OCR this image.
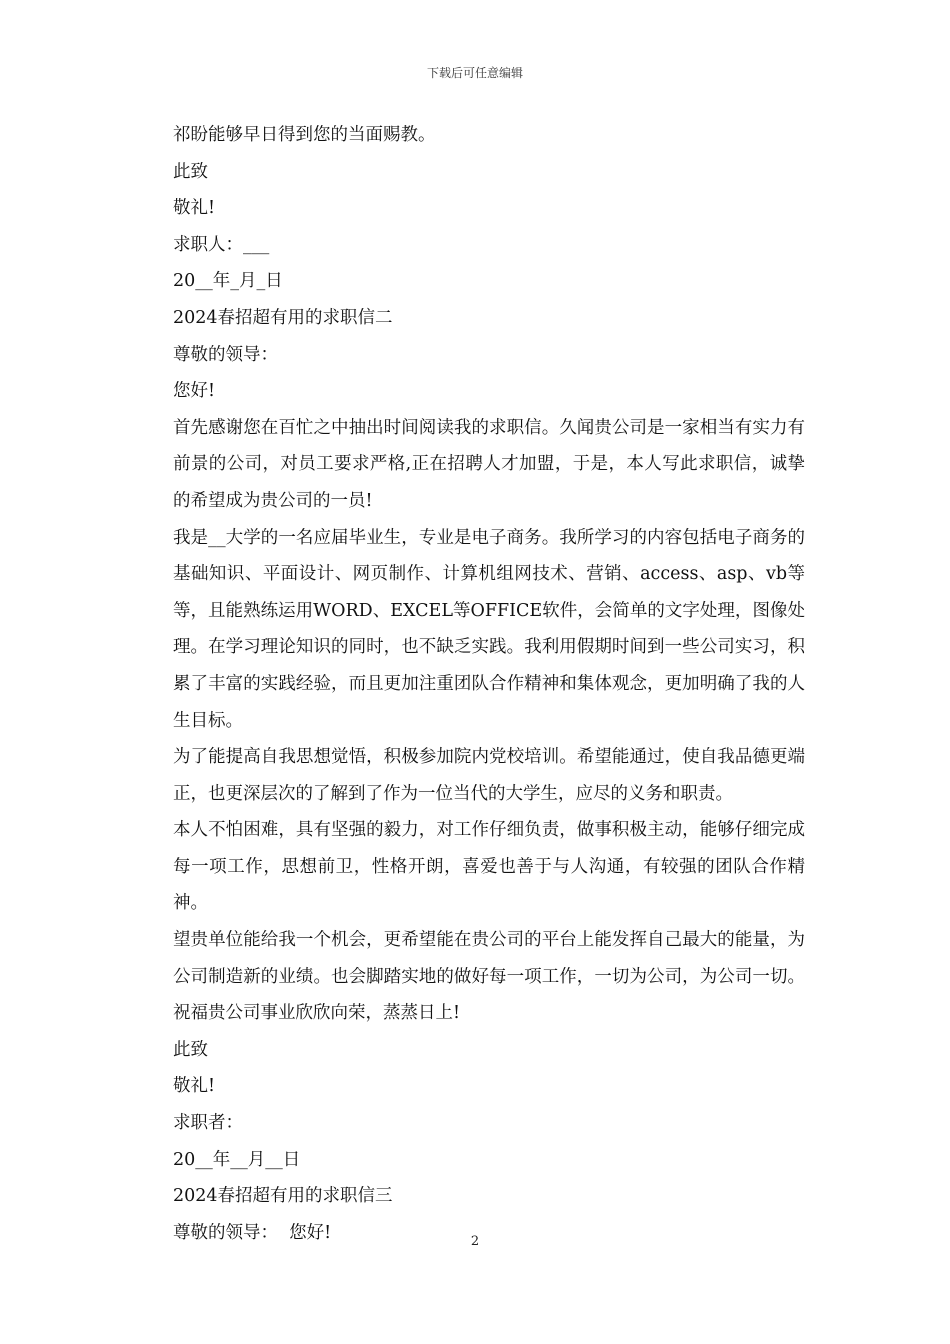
下载后可任意编辑

祁盼能够早日得到您的当面赐教。

此致

敬礼!

求职人：___

20__年_月_日

2024春招超有用的求职信二

尊敬的领导：

您好!

首先感谢您在百忙之中抽出时间阅读我的求职信。久闻贵公司是一家相当有实力有前景的公司，对员工要求严格,正在招聘人才加盟，于是，本人写此求职信，诚挚的希望成为贵公司的一员!

我是__大学的一名应届毕业生，专业是电子商务。我所学习的内容包括电子商务的基础知识、平面设计、网页制作、计算机组网技术、营销、access、asp、vb等等，且能熟练运用WORD、EXCEL等OFFICE软件，会简单的文字处理，图像处理。在学习理论知识的同时，也不缺乏实践。我利用假期时间到一些公司实习，积累了丰富的实践经验，而且更加注重团队合作精神和集体观念，更加明确了我的人生目标。

为了能提高自我思想觉悟，积极参加院内党校培训。希望能通过，使自我品德更端正，也更深层次的了解到了作为一位当代的大学生，应尽的义务和职责。

本人不怕困难，具有坚强的毅力，对工作仔细负责，做事积极主动，能够仔细完成每一项工作，思想前卫，性格开朗，喜爱也善于与人沟通，有较强的团队合作精神。

望贵单位能给我一个机会，更希望能在贵公司的平台上能发挥自己最大的能量，为公司制造新的业绩。也会脚踏实地的做好每一项工作，一切为公司，为公司一切。祝福贵公司事业欣欣向荣，蒸蒸日上!

此致

敬礼!

求职者：

20__年__月__日

2024春招超有用的求职信三

尊敬的领导：  您好!	2
